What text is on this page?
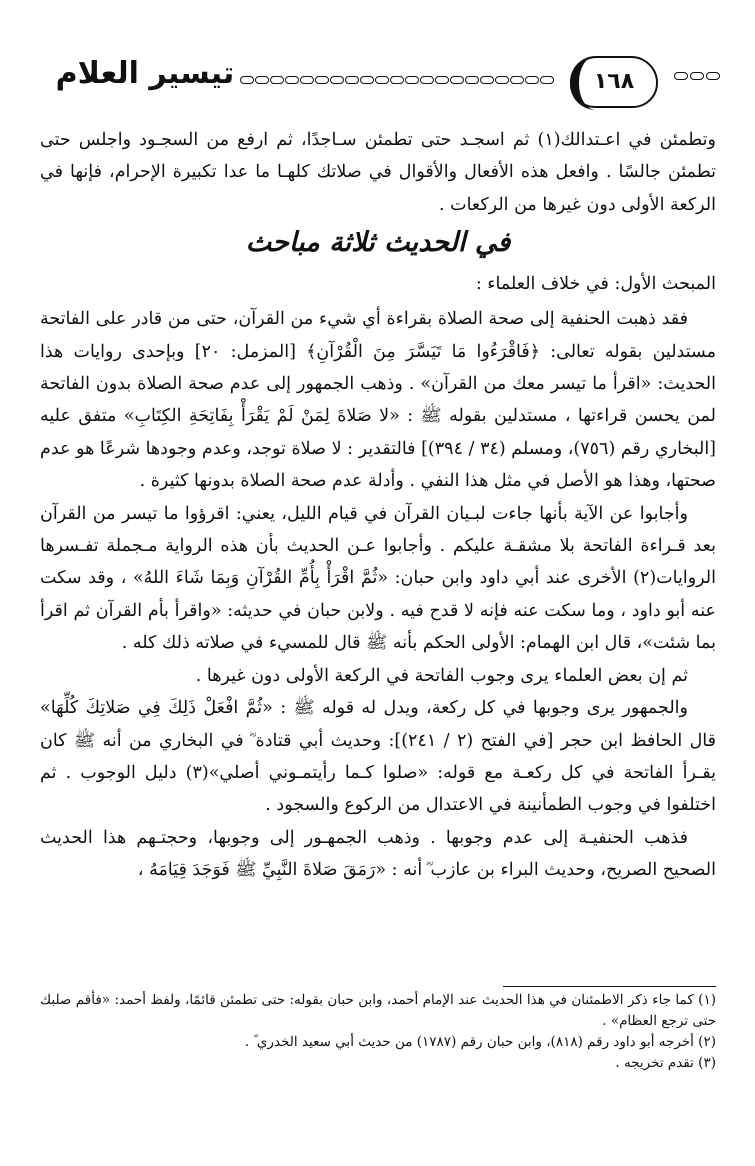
١٦٨
تيسير العلام

وتطمئن في اعـتدالك(١) ثم اسجـد حتى تطمئن سـاجدًا، ثم ارفع من السجـود واجلس حتى تطمئن جالسًا . وافعل هذه الأفعال والأقوال في صلاتك كلهـا ما عدا تكبيرة الإحرام، فإنها في الركعة الأولى دون غيرها من الركعات .

في الحديث ثلاثة مباحث

المبحث الأول: في خلاف العلماء :

فقد ذهبت الحنفية إلى صحة الصلاة بقراءة أي شيء من القرآن، حتى من قادر على الفاتحة مستدلين بقوله تعالى: ﴿فَاقْرَءُوا مَا تَيَسَّرَ مِنَ الْقُرْآنِ﴾ [المزمل: ٢٠] وبإحدى روايات هذا الحديث: «اقرأ ما تيسر معك من القرآن» . وذهب الجمهور إلى عدم صحة الصلاة بدون الفاتحة لمن يحسن قراءتها ، مستدلين بقوله ﷺ : «لا صَلاةَ لِمَنْ لَمْ يَقْرَأْ بِفَاتِحَةِ الكِتَابِ» متفق عليه [البخاري رقم (٧٥٦)، ومسلم (٣٤ / ٣٩٤)] فالتقدير : لا صلاة توجد، وعدم وجودها شرعًا هو عدم صحتها، وهذا هو الأصل في مثل هذا النفي . وأدلة عدم صحة الصلاة بدونها كثيرة .

وأجابوا عن الآية بأنها جاءت لبـيان القرآن في قيام الليل، يعني: اقرؤوا ما تيسر من القرآن بعد قـراءة الفاتحة بلا مشقـة عليكم . وأجابوا عـن الحديث بأن هذه الرواية مـجملة تفـسرها الروايات(٢) الأخرى عند أبي داود وابن حبان: «ثُمَّ اقْرَأْ بِأُمِّ القُرْآنِ وَبِمَا شَاءَ اللهُ» ، وقد سكت عنه أبو داود ، وما سكت عنه فإنه لا قدح فيه . ولابن حبان في حديثه: «واقرأ بأم القرآن ثم اقرأ بما شئت»، قال ابن الهمام: الأولى الحكم بأنه ﷺ قال للمسيء في صلاته ذلك كله .

ثم إن بعض العلماء يرى وجوب الفاتحة في الركعة الأولى دون غيرها .

والجمهور يرى وجوبها في كل ركعة، ويدل له قوله ﷺ : «ثُمَّ افْعَلْ ذَلِكَ فِي صَلاتِكَ كُلِّهَا» قال الحافظ ابن حجر [في الفتح (٢ / ٢٤١)]: وحديث أبي قتادة ؓ في البخاري من أنه ﷺ كان يقـرأ الفاتحة في كل ركعـة مع قوله: «صلوا كـما رأيتمـوني أصلي»(٣) دليل الوجوب . ثم اختلفوا في وجوب الطمأنينة في الاعتدال من الركوع والسجود .

فذهب الحنفيـة إلى عدم وجوبها . وذهب الجمهـور إلى وجوبها، وحجتـهم هذا الحديث الصحيح الصريح، وحديث البراء بن عازب ؓ أنه : «رَمَقَ صَلاةَ النَّبِيِّ ﷺ فَوَجَدَ قِيَامَهُ ،

(١) كما جاء ذكر الاطمئنان في هذا الحديث عند الإمام أحمد، وابن حبان بقوله: حتى تطمئن قائمًا، ولفظ أحمد: «فأقم صلبك حتى ترجع العظام» .

(٢) أخرجه أبو داود رقم (٨١٨)، وابن حبان رقم (١٧٨٧) من حديث أبي سعيد الخدري ؓ .

(٣) تقدم تخريجه .
